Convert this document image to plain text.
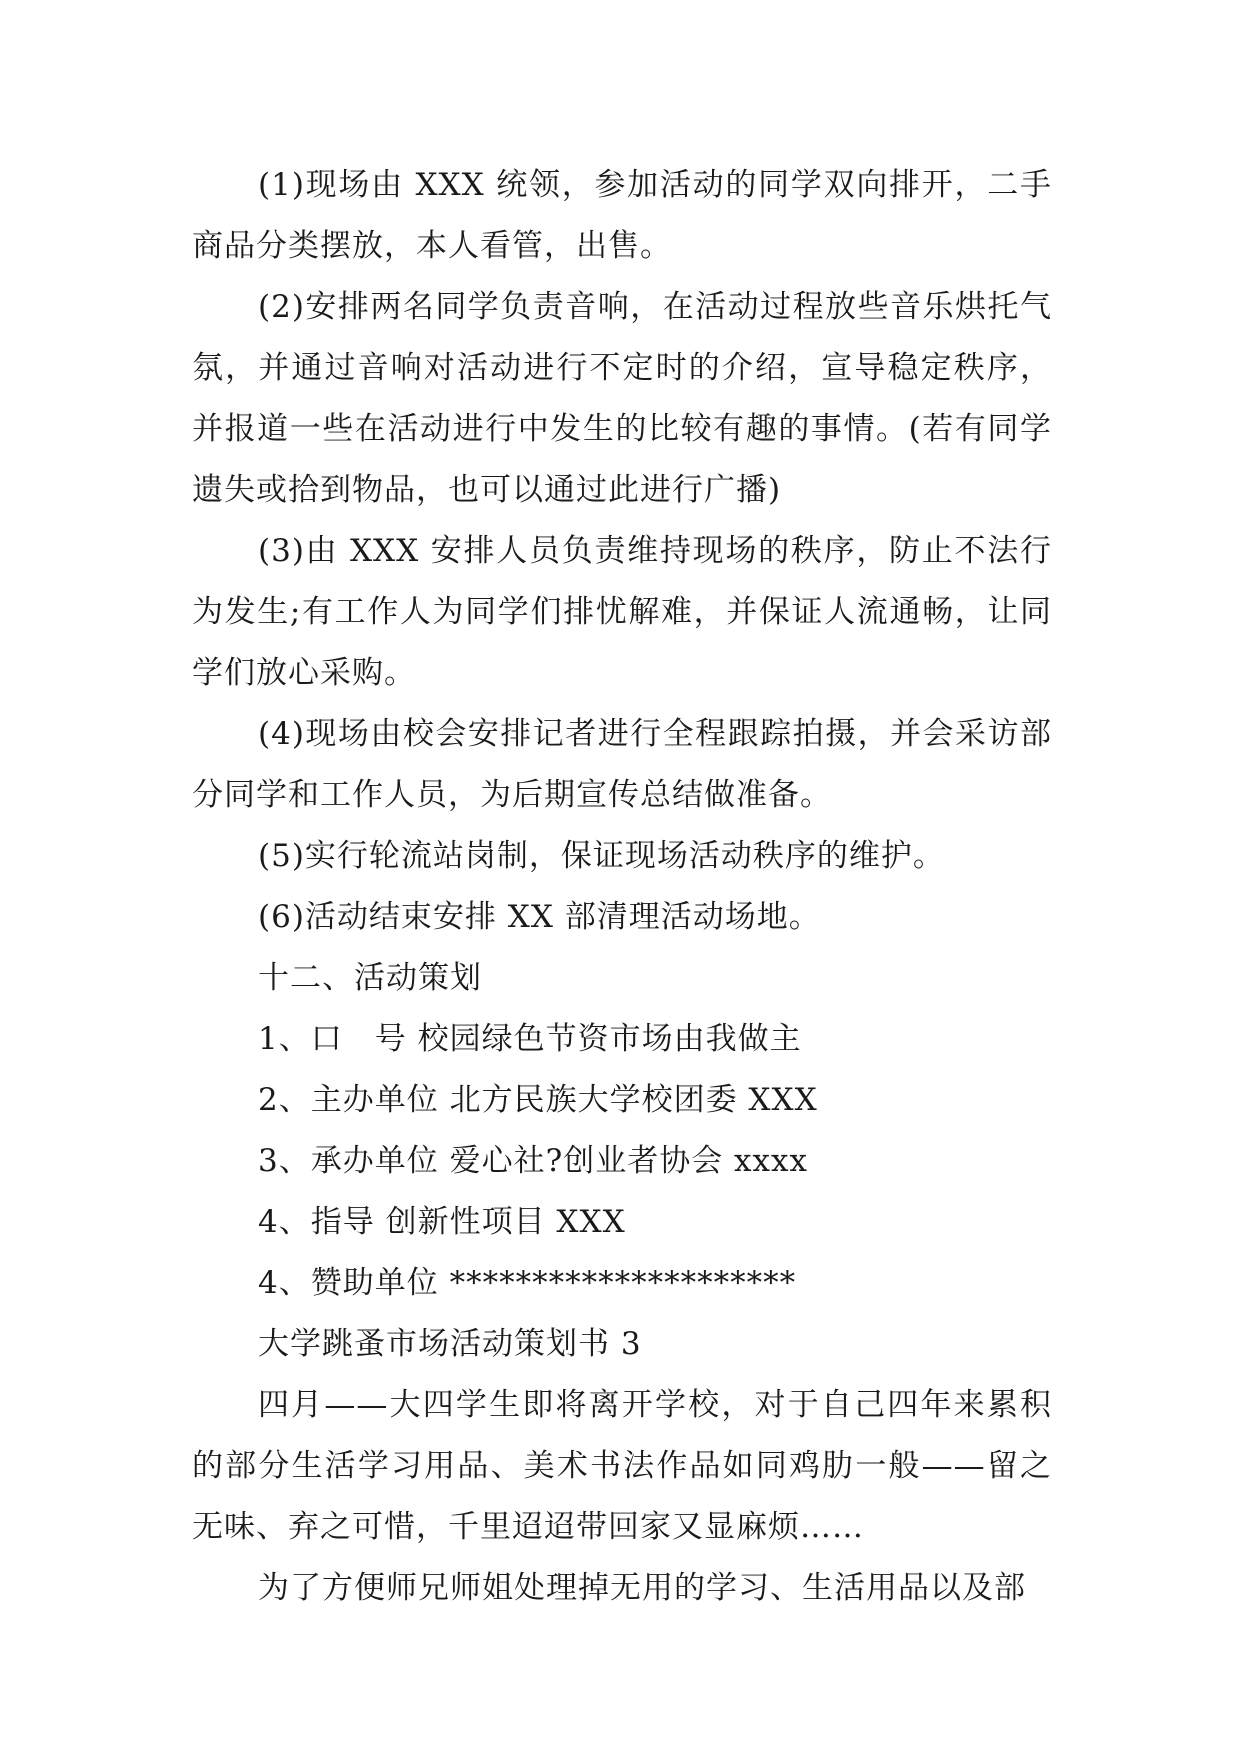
(1)现场由 XXX 统领，参加活动的同学双向排开，二手商品分类摆放，本人看管，出售。

(2)安排两名同学负责音响，在活动过程放些音乐烘托气氛，并通过音响对活动进行不定时的介绍，宣导稳定秩序，并报道一些在活动进行中发生的比较有趣的事情。(若有同学遗失或拾到物品，也可以通过此进行广播)

(3)由 XXX 安排人员负责维持现场的秩序，防止不法行为发生;有工作人为同学们排忧解难，并保证人流通畅，让同学们放心采购。

(4)现场由校会安排记者进行全程跟踪拍摄，并会采访部分同学和工作人员，为后期宣传总结做准备。

(5)实行轮流站岗制，保证现场活动秩序的维护。

(6)活动结束安排 XX 部清理活动场地。

十二、活动策划

1、口　号 校园绿色节资市场由我做主

2、主办单位 北方民族大学校团委 XXX

3、承办单位 爱心社?创业者协会 xxxx

4、指导 创新性项目 XXX

4、赞助单位 *********************

大学跳蚤市场活动策划书 3

四月——大四学生即将离开学校，对于自己四年来累积的部分生活学习用品、美术书法作品如同鸡肋一般——留之无味、弃之可惜，千里迢迢带回家又显麻烦……

为了方便师兄师姐处理掉无用的学习、生活用品以及部
